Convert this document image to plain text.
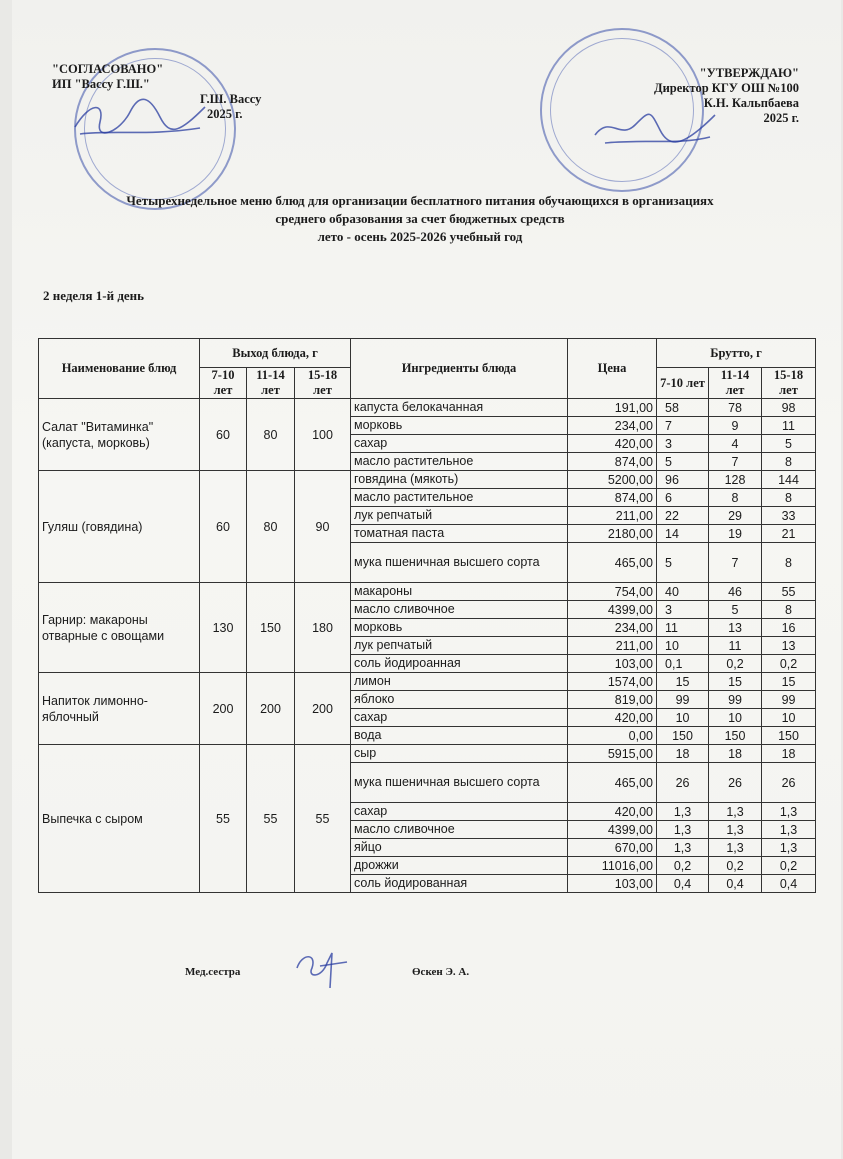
"СОГЛАСОВАНО"
ИП "Вассу Г.Ш."
Г.Ш. Вассу
2025 г.
"УТВЕРЖДАЮ"
Директор КГУ ОШ №100
К.Н. Кальпбаева
2025 г.
Четырехнедельное меню блюд для организации бесплатного питания обучающихся в организациях
среднего образования за счет бюджетных средств
лето - осень 2025-2026 учебный год
2 неделя 1-й день
Наименование блюд	Выход блюда, г			Ингредиенты блюда	Цена	Брутто, г		
	7-10 лет	11-14 лет	15-18 лет			7-10 лет	11-14 лет	15-18 лет
Салат "Витаминка" (капуста, морковь)	60	80	100	капуста белокачанная	191,00	58	78	98
				морковь	234,00	7	9	11
				сахар	420,00	3	4	5
				масло растительное	874,00	5	7	8
Гуляш (говядина)	60	80	90	говядина (мякоть)	5200,00	96	128	144
				масло растительное	874,00	6	8	8
				лук репчатый	211,00	22	29	33
				томатная паста	2180,00	14	19	21
				мука пшеничная высшего сорта	465,00	5	7	8
Гарнир: макароны отварные с овощами	130	150	180	макароны	754,00	40	46	55
				масло сливочное	4399,00	3	5	8
				морковь	234,00	11	13	16
				лук репчатый	211,00	10	11	13
				соль йодироанная	103,00	0,1	0,2	0,2
Напиток лимонно-яблочный	200	200	200	лимон	1574,00	15	15	15
				яблоко	819,00	99	99	99
				сахар	420,00	10	10	10
				вода	0,00	150	150	150
Выпечка с сыром	55	55	55	сыр	5915,00	18	18	18
				мука пшеничная высшего сорта	465,00	26	26	26
				сахар	420,00	1,3	1,3	1,3
				масло сливочное	4399,00	1,3	1,3	1,3
				яйцо	670,00	1,3	1,3	1,3
				дрожжи	11016,00	0,2	0,2	0,2
				соль йодированная	103,00	0,4	0,4	0,4
Мед.сестра	Өскен Э. А.
